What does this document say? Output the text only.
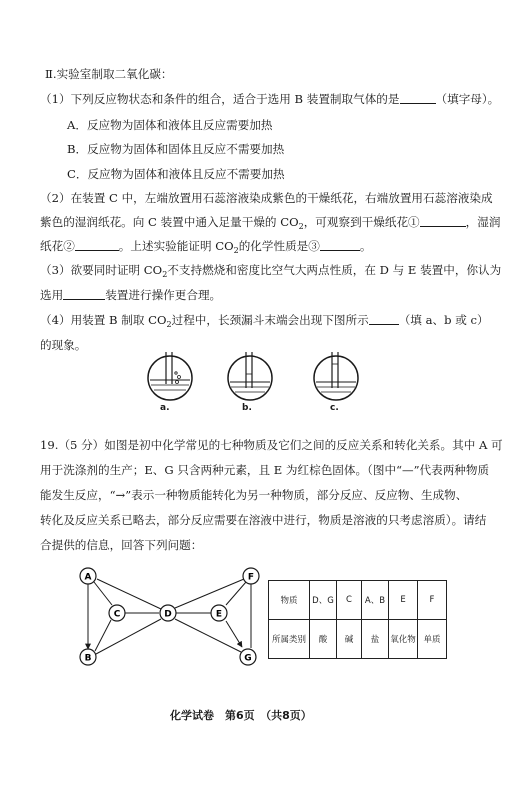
Ⅱ.实验室制取二氧化碳：
（1）下列反应物状态和条件的组合，适合于选用 B 装置制取气体的是	（填字母）。
A．反应物为固体和液体且反应需要加热
B．反应物为固体和固体且反应不需要加热
C．反应物为固体和液体且反应不需要加热
（2）在装置 C 中，左端放置用石蕊溶液染成紫色的干燥纸花，右端放置用石蕊溶液染成
紫色的湿润纸花。向 C 装置中通入足量干燥的 $CO_2$，可观察到干燥纸花①	，湿润
纸花②	。上述实验能证明 $CO_2$的化学性质是③	。
（3）欲要同时证明 $CO_2$不支持燃烧和密度比空气大两点性质，在 D 与 E 装置中，你认为
选用	装置进行操作更合理。
（4）用装置 B 制取 $CO_2$过程中，长颈漏斗末端会出现下图所示	（填 a、b 或 c）
的现象。
a.	b.	c.
19.（5 分）如图是初中化学常见的七种物质及它们之间的反应关系和转化关系。其中 A 可
用于洗涤剂的生产；E、G 只含两种元素，且 E 为红棕色固体。（图中“—”代表两种物质
能发生反应，“→”表示一种物质能转化为另一种物质，部分反应、反应物、生成物、
转化及反应关系已略去，部分反应需要在溶液中进行，物质是溶液的只考虑溶质）。请结
合提供的信息，回答下列问题：
A
B
C	D	E
F
G
物质	D、G	C	A、B	E	F
所属类别	酸	碱	盐	氧化物	单质
化学试卷　第6页　（共8页）
